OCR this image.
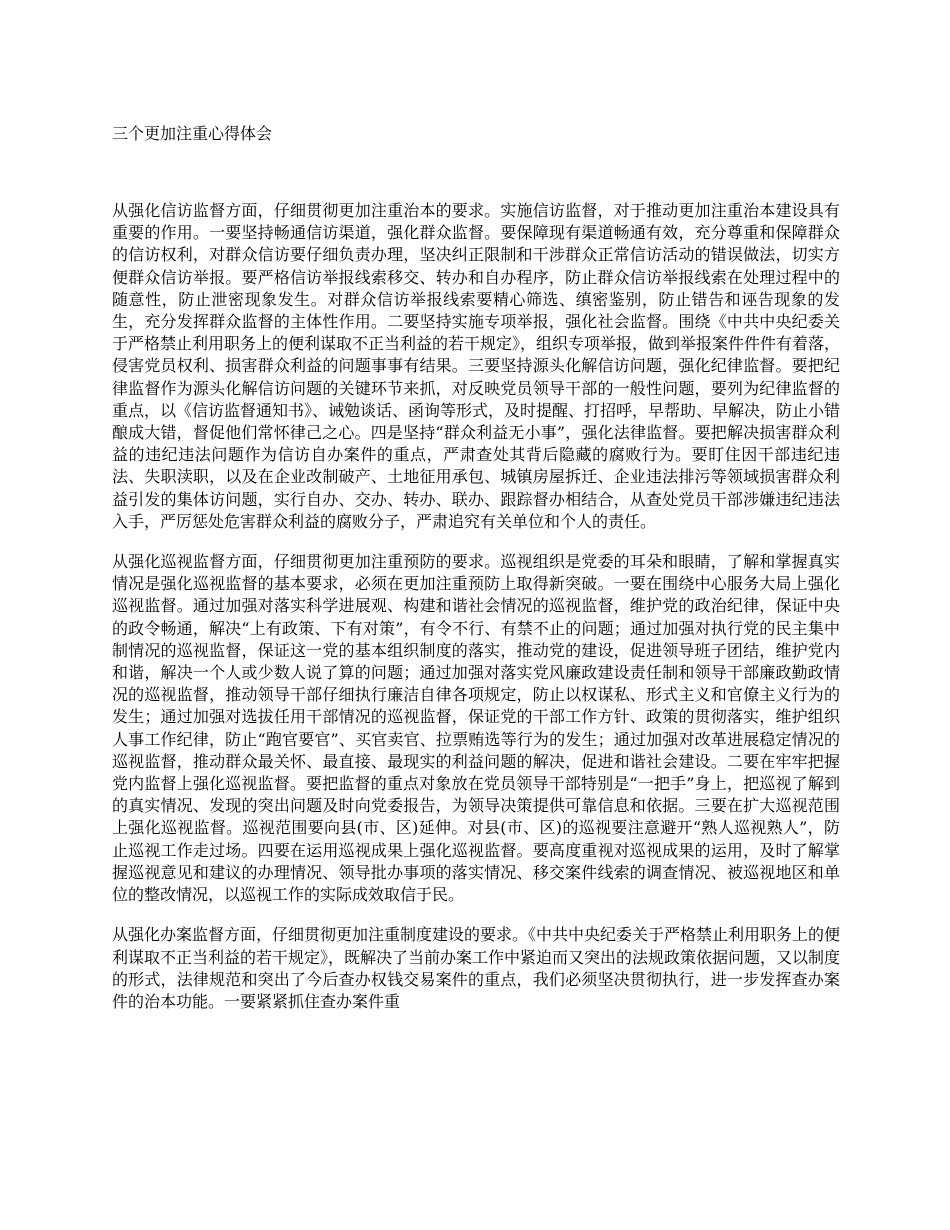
三个更加注重心得体会

从强化信访监督方面，仔细贯彻更加注重治本的要求。实施信访监督，对于推动更加注重治本建设具有重要的作用。一要坚持畅通信访渠道，强化群众监督。要保障现有渠道畅通有效，充分尊重和保障群众的信访权利，对群众信访要仔细负责办理，坚决纠正限制和干涉群众正常信访活动的错误做法，切实方便群众信访举报。要严格信访举报线索移交、转办和自办程序，防止群众信访举报线索在处理过程中的随意性，防止泄密现象发生。对群众信访举报线索要精心筛选、缜密鉴别，防止错告和诬告现象的发生，充分发挥群众监督的主体性作用。二要坚持实施专项举报，强化社会监督。围绕《中共中央纪委关于严格禁止利用职务上的便利谋取不正当利益的若干规定》，组织专项举报，做到举报案件件件有着落，侵害党员权利、损害群众利益的问题事事有结果。三要坚持源头化解信访问题，强化纪律监督。要把纪律监督作为源头化解信访问题的关键环节来抓，对反映党员领导干部的一般性问题，要列为纪律监督的重点，以《信访监督通知书》、诫勉谈话、函询等形式，及时提醒、打招呼，早帮助、早解决，防止小错酿成大错，督促他们常怀律己之心。四是坚持“群众利益无小事”，强化法律监督。要把解决损害群众利益的违纪违法问题作为信访自办案件的重点，严肃查处其背后隐藏的腐败行为。要盯住因干部违纪违法、失职渎职，以及在企业改制破产、土地征用承包、城镇房屋拆迁、企业违法排污等领域损害群众利益引发的集体访问题，实行自办、交办、转办、联办、跟踪督办相结合，从查处党员干部涉嫌违纪违法入手，严厉惩处危害群众利益的腐败分子，严肃追究有关单位和个人的责任。

从强化巡视监督方面，仔细贯彻更加注重预防的要求。巡视组织是党委的耳朵和眼睛，了解和掌握真实情况是强化巡视监督的基本要求，必须在更加注重预防上取得新突破。一要在围绕中心服务大局上强化巡视监督。通过加强对落实科学进展观、构建和谐社会情况的巡视监督，维护党的政治纪律，保证中央的政令畅通，解决“上有政策、下有对策”，有令不行、有禁不止的问题；通过加强对执行党的民主集中制情况的巡视监督，保证这一党的基本组织制度的落实，推动党的建设，促进领导班子团结，维护党内和谐，解决一个人或少数人说了算的问题；通过加强对落实党风廉政建设责任制和领导干部廉政勤政情况的巡视监督，推动领导干部仔细执行廉洁自律各项规定，防止以权谋私、形式主义和官僚主义行为的发生；通过加强对选拔任用干部情况的巡视监督，保证党的干部工作方针、政策的贯彻落实，维护组织人事工作纪律，防止“跑官要官”、买官卖官、拉票贿选等行为的发生；通过加强对改革进展稳定情况的巡视监督，推动群众最关怀、最直接、最现实的利益问题的解决，促进和谐社会建设。二要在牢牢把握党内监督上强化巡视监督。要把监督的重点对象放在党员领导干部特别是“一把手”身上，把巡视了解到的真实情况、发现的突出问题及时向党委报告，为领导决策提供可靠信息和依据。三要在扩大巡视范围上强化巡视监督。巡视范围要向县(市、区)延伸。对县(市、区)的巡视要注意避开“熟人巡视熟人”，防止巡视工作走过场。四要在运用巡视成果上强化巡视监督。要高度重视对巡视成果的运用，及时了解掌握巡视意见和建议的办理情况、领导批办事项的落实情况、移交案件线索的调查情况、被巡视地区和单位的整改情况，以巡视工作的实际成效取信于民。

从强化办案监督方面，仔细贯彻更加注重制度建设的要求。《中共中央纪委关于严格禁止利用职务上的便利谋取不正当利益的若干规定》，既解决了当前办案工作中紧迫而又突出的法规政策依据问题，又以制度的形式，法律规范和突出了今后查办权钱交易案件的重点，我们必须坚决贯彻执行，进一步发挥查办案件的治本功能。一要紧紧抓住查办案件重
